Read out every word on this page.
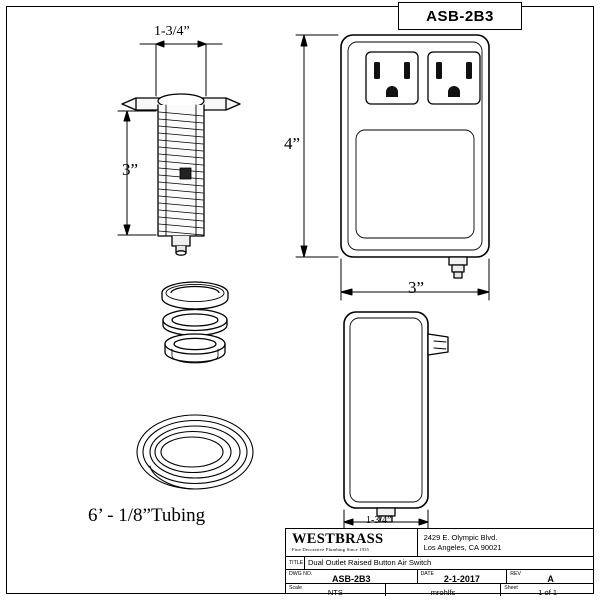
ASB-2B3
1-3/4”
3”
4”
3”
1-3/4”
6’ - 1/8”Tubing
WESTBRASS
Fine Decorative Plumbing Since 1935
2429 E. Olympic Blvd.
Los Angeles, CA 90021
TITLE Dual Outlet Raised Button Air Switch
DWG NO.	ASB-2B3	DATE	2-1-2017	REV	A
Scale	NTS	mrohlfs	Sheet	1 of 1
